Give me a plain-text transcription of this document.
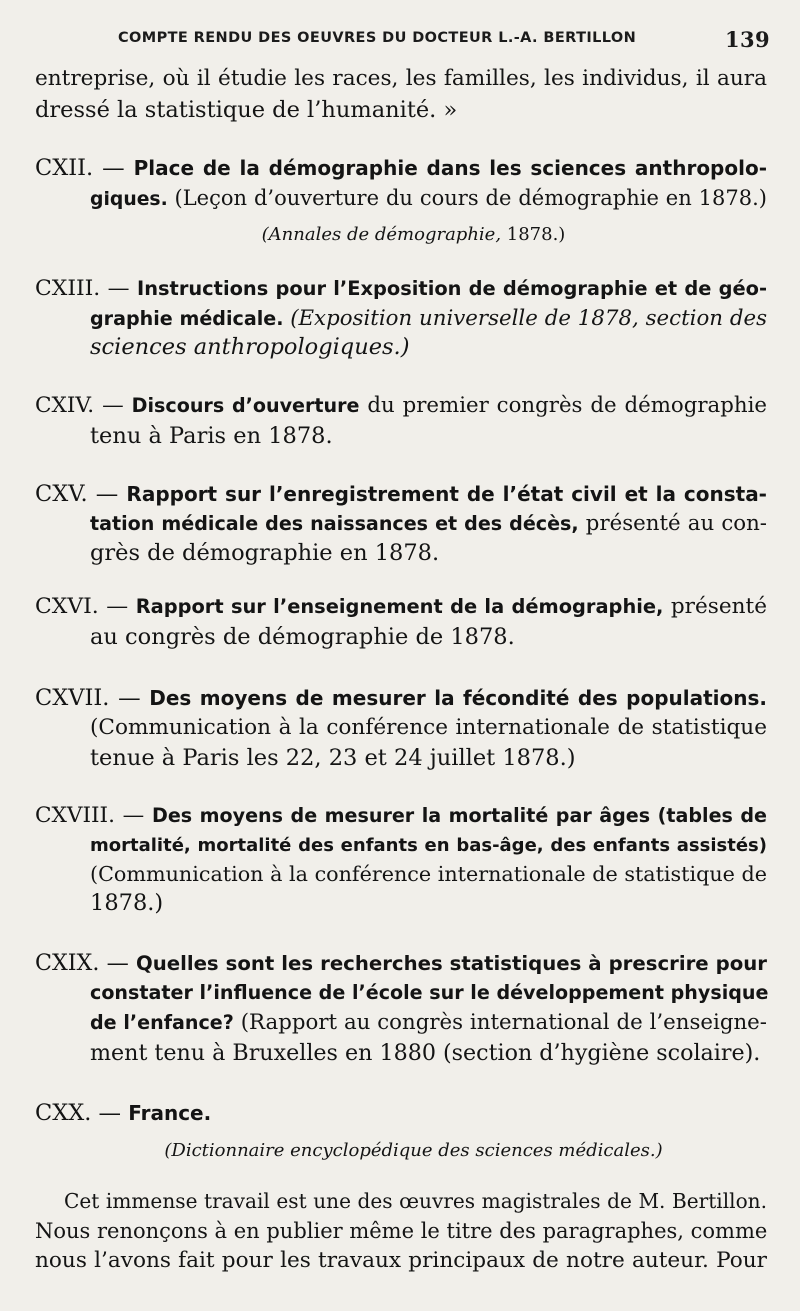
COMPTE RENDU DES OEUVRES DU DOCTEUR L.-A. BERTILLON	139
entreprise, où il étudie les races, les familles, les individus, il aura
dressé la statistique de l’humanité. »
CXII. — Place de la démographie dans les sciences anthropolo-
giques. (Leçon d’ouverture du cours de démographie en 1878.)
(Annales de démographie, 1878.)
CXIII. — Instructions pour l’Exposition de démographie et de géo-
graphie médicale. (Exposition universelle de 1878, section des
sciences anthropologiques.)
CXIV. — Discours d’ouverture du premier congrès de démographie
tenu à Paris en 1878.
CXV. — Rapport sur l’enregistrement de l’état civil et la consta-
tation médicale des naissances et des décès, présenté au con-
grès de démographie en 1878.
CXVI. — Rapport sur l’enseignement de la démographie, présenté
au congrès de démographie de 1878.
CXVII. — Des moyens de mesurer la fécondité des populations.
(Communication à la conférence internationale de statistique
tenue à Paris les 22, 23 et 24 juillet 1878.)
CXVIII. — Des moyens de mesurer la mortalité par âges (tables de
mortalité, mortalité des enfants en bas-âge, des enfants assistés)
(Communication à la conférence internationale de statistique de
1878.)
CXIX. — Quelles sont les recherches statistiques à prescrire pour
constater l’influence de l’école sur le développement physique
de l’enfance? (Rapport au congrès international de l’enseigne-
ment tenu à Bruxelles en 1880 (section d’hygiène scolaire).
CXX. — France.
(Dictionnaire encyclopédique des sciences médicales.)
Cet immense travail est une des œuvres magistrales de M. Bertillon.
Nous renonçons à en publier même le titre des paragraphes, comme
nous l’avons fait pour les travaux principaux de notre auteur. Pour
